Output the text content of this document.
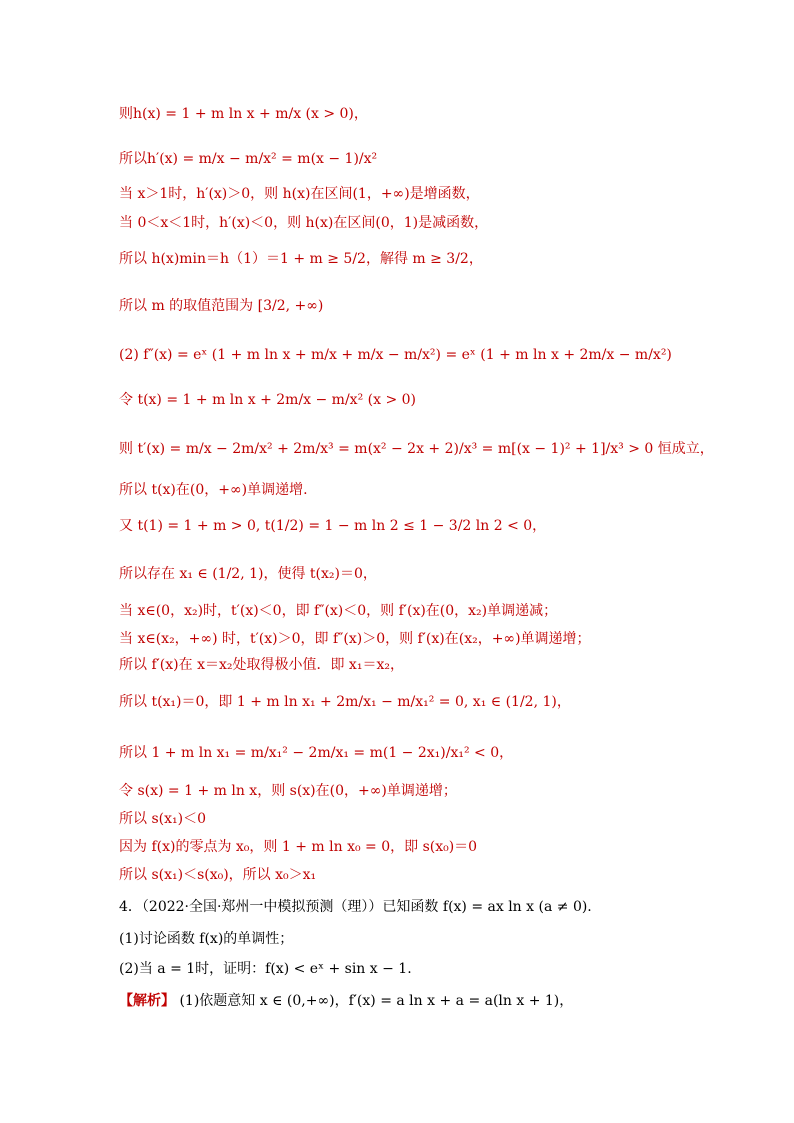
则h(x) = 1 + m ln x + m/x (x > 0)，
所以h′(x) = m/x − m/x² = m(x − 1)/x²
当 x＞1时，h′(x)＞0，则 h(x)在区间(1，+∞)是增函数，
当 0＜x＜1时，h′(x)＜0，则 h(x)在区间(0，1)是减函数，
所以 h(x)min＝h（1）＝1 + m ≥ 5/2，解得 m ≥ 3/2，
所以 m 的取值范围为 [3/2, +∞)
(2) f″(x) = eˣ (1 + m ln x + m/x + m/x − m/x²) = eˣ (1 + m ln x + 2m/x − m/x²)
令 t(x) = 1 + m ln x + 2m/x − m/x² (x > 0)
则 t′(x) = m/x − 2m/x² + 2m/x³ = m(x² − 2x + 2)/x³ = m[(x − 1)² + 1]/x³ > 0 恒成立，
所以 t(x)在(0，+∞)单调递增.
又 t(1) = 1 + m > 0, t(1/2) = 1 − m ln 2 ≤ 1 − 3/2 ln 2 < 0，
所以存在 x₁ ∈ (1/2, 1)，使得 t(x₂)＝0，
当 x∈(0，x₂)时，t′(x)＜0，即 f″(x)＜0，则 f′(x)在(0，x₂)单调递减；
当 x∈(x₂，+∞) 时，t′(x)＞0，即 f″(x)＞0，则 f′(x)在(x₂，+∞)单调递增；
所以 f′(x)在 x＝x₂处取得极小值．即 x₁＝x₂，
所以 t(x₁)＝0，即 1 + m ln x₁ + 2m/x₁ − m/x₁² = 0, x₁ ∈ (1/2, 1)，
所以 1 + m ln x₁ = m/x₁² − 2m/x₁ = m(1 − 2x₁)/x₁² < 0，
令 s(x) = 1 + m ln x，则 s(x)在(0，+∞)单调递增；
所以 s(x₁)＜0
因为 f(x)的零点为 x₀，则 1 + m ln x₀ = 0，即 s(x₀)＝0
所以 s(x₁)＜s(x₀)，所以 x₀＞x₁
4．（2022·全国·郑州一中模拟预测（理））已知函数 f(x) = ax ln x (a ≠ 0).
(1)讨论函数 f(x)的单调性；
(2)当 a = 1时，证明：f(x) < eˣ + sin x − 1.
【解析】 (1)依题意知 x ∈ (0,+∞)，f′(x) = a ln x + a = a(ln x + 1)，
